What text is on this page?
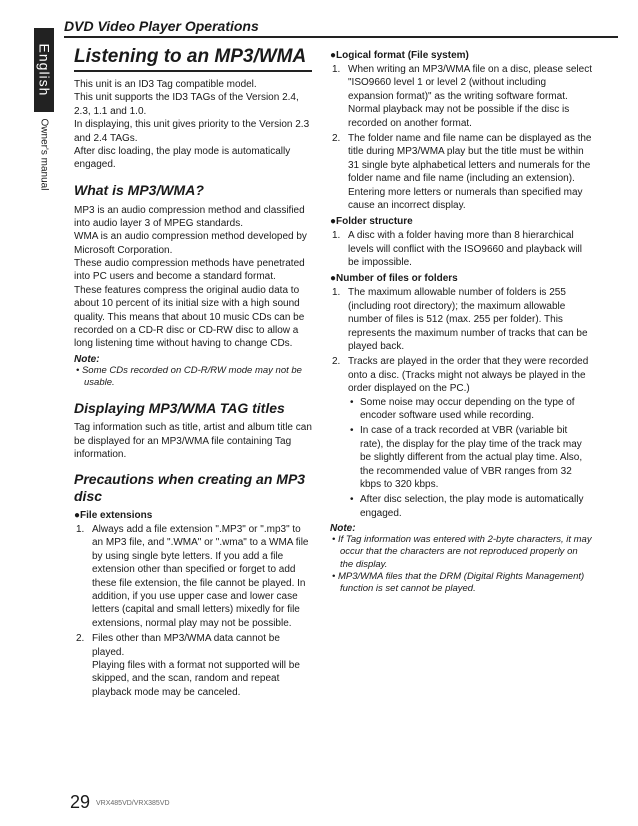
English
Owner's manual
DVD Video Player Operations
Listening to an MP3/WMA

This unit is an ID3 Tag compatible model.

This unit supports the ID3 TAGs of the Version 2.4, 2.3, 1.1 and 1.0.

In displaying, this unit gives priority to the Version 2.3 and 2.4 TAGs.

After disc loading, the play mode is automatically engaged.

What is MP3/WMA?

MP3 is an audio compression method and classified into audio layer 3 of MPEG standards.

WMA is an audio compression method developed by Microsoft Corporation.

These audio compression methods have penetrated into PC users and become a standard format.

These features compress the original audio data to about 10 percent of its initial size with a high sound quality. This means that about 10 music CDs can be recorded on a CD-R disc or CD-RW disc to allow a long listening time without having to change CDs.

Note:
• Some CDs recorded on CD-R/RW mode may not be usable.
Displaying MP3/WMA TAG titles

Tag information such as title, artist and album title can be displayed for an MP3/WMA file containing Tag information.

Precautions when creating an MP3 disc
●File extensions
1. Always add a file extension ".MP3" or ".mp3" to an MP3 file, and ".WMA" or ".wma" to a WMA file by using single byte letters. If you add a file extension other than specified or forget to add these file extension, the file cannot be played. In addition, if you use upper case and lower case letters (capital and small letters) mixedly for file extensions, normal play may not be possible.
2. Files other than MP3/WMA data cannot be played.
Playing files with a format not supported will be skipped, and the scan, random and repeat playback mode may be canceled.
●Logical format (File system)
1. When writing an MP3/WMA file on a disc, please select "ISO9660 level 1 or level 2 (without including expansion format)" as the writing software format. Normal playback may not be possible if the disc is recorded on another format.
2. The folder name and file name can be displayed as the title during MP3/WMA play but the title must be within 31 single byte alphabetical letters and numerals for the folder name and file name (including an extension). Entering more letters or numerals than specified may cause an incorrect display.
●Folder structure
1. A disc with a folder having more than 8 hierarchical levels will conflict with the ISO9660 and playback will be impossible.
●Number of files or folders
1. The maximum allowable number of folders is 255 (including root directory); the maximum allowable number of files is 512 (max. 255 per folder). This represents the maximum number of tracks that can be played back.
2. Tracks are played in the order that they were recorded onto a disc. (Tracks might not always be played in the order displayed on the PC.)
• Some noise may occur depending on the type of encoder software used while recording.
• In case of a track recorded at VBR (variable bit rate), the display for the play time of the track may be slightly different from the actual play time. Also, the recommended value of VBR ranges from 32 kbps to 320 kbps.
• After disc selection, the play mode is automatically engaged.
Note:
• If Tag information was entered with 2-byte characters, it may occur that the characters are not reproduced properly on the display.
• MP3/WMA files that the DRM (Digital Rights Management) function is set cannot be played.
29 VRX485VD/VRX385VD
